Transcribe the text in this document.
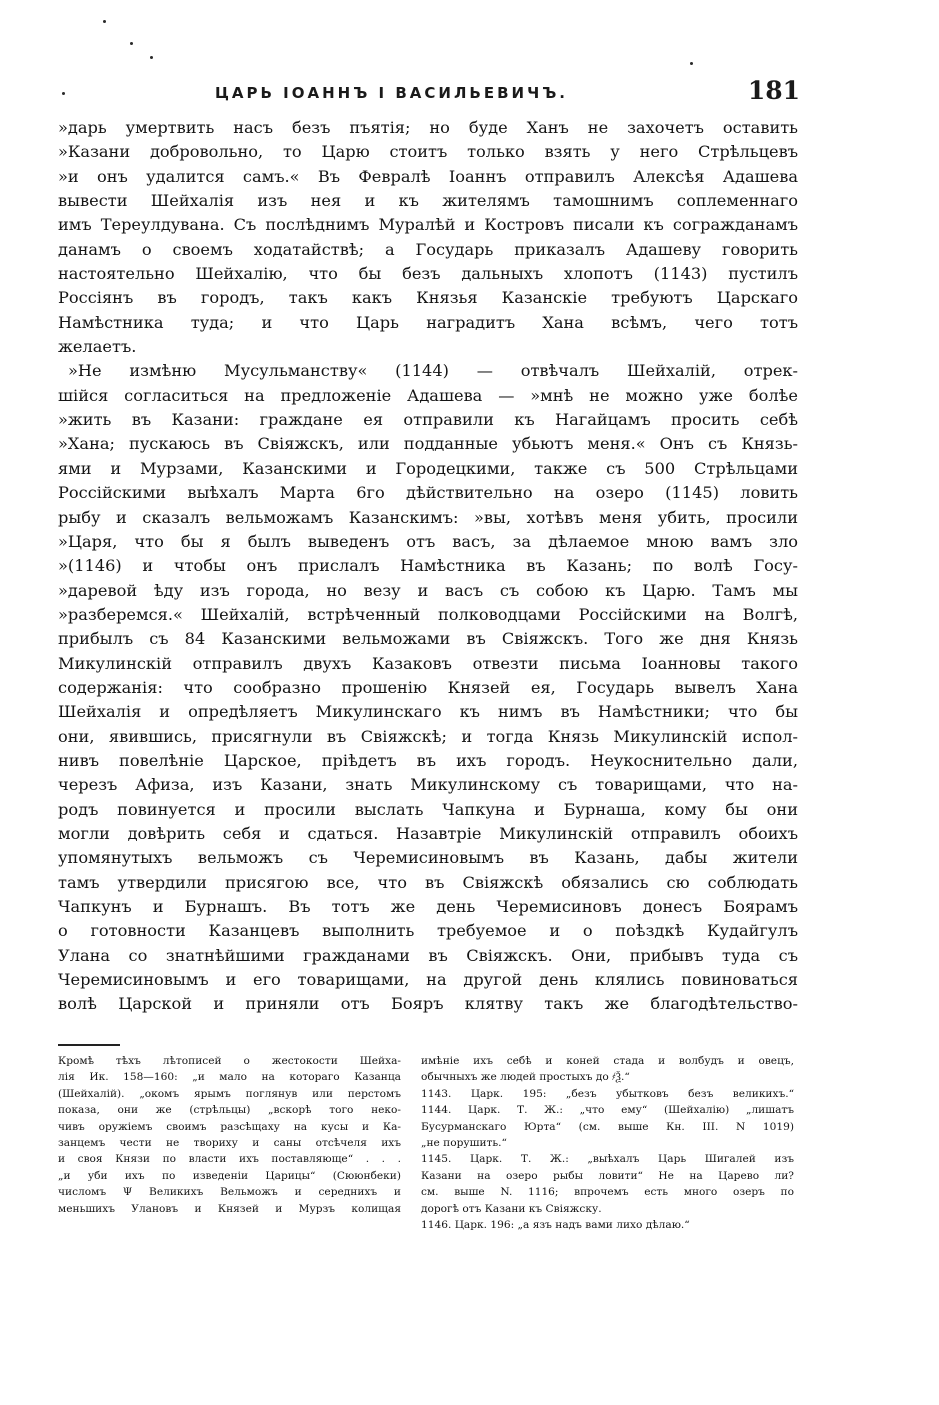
ЦАРЬ ІОАННЪ І ВАСИЛЬЕВИЧЪ.	181
»дарь умертвить насъ безъ пъятія; но буде Ханъ не захочетъ оставить
»Казани добровольно, то Царю стоитъ только взять у него Стрѣльцевъ
»и онъ удалится самъ.« Въ Февралѣ Іоаннъ отправилъ Алексѣя Адашева
вывести Шейхалія изъ нея и къ жителямъ тамошнимъ соплеменнаго
имъ Тереулдувана. Съ послѣднимъ Муралѣй и Костровъ писали къ согражданамъ
данамъ о своемъ ходатайствѣ; а Государь приказалъ Адашеву говорить
настоятельно Шейхалію, что бы безъ дальныхъ хлопотъ (1143) пустилъ
Россіянъ въ городъ, такъ какъ Князья Казанскіе требуютъ Царскаго
Намѣстника туда; и что Царь наградитъ Хана всѣмъ, чего тотъ
желаетъ.
»Не измѣню Мусульманству« (1144) — отвѣчалъ Шейхалій, отрек-
шійся согласиться на предложеніе Адашева — »мнѣ не можно уже болѣе
»жить въ Казани: граждане ея отправили къ Нагайцамъ просить себѣ
»Хана; пускаюсь въ Свіяжскъ, или подданные убьютъ меня.« Онъ съ Князь-
ями и Мурзами, Казанскими и Городецкими, также съ 500 Стрѣльцами
Россійскими выѣхалъ Марта 6го дѣйствительно на озеро (1145) ловить
рыбу и сказалъ вельможамъ Казанскимъ: »вы, хотѣвъ меня убить, просили
»Царя, что бы я былъ выведенъ отъ васъ, за дѣлаемое мною вамъ зло
»(1146) и чтобы онъ прислалъ Намѣстника въ Казань; по волѣ Госу-
»даревой ѣду изъ города, но везу и васъ съ собою къ Царю. Тамъ мы
»разберемся.« Шейхалій, встрѣченный полководцами Россійскими на Волгѣ,
прибылъ съ 84 Казанскими вельможами въ Свіяжскъ. Того же дня Князь
Микулинскій отправилъ двухъ Казаковъ отвезти письма Іоанновы такого
содержанія: что сообразно прошенію Князей ея, Государь вывелъ Хана
Шейхалія и опредѣляетъ Микулинскаго къ нимъ въ Намѣстники; что бы
они, явившись, присягнули въ Свіяжскѣ; и тогда Князь Микулинскій испол-
нивъ повелѣніе Царское, пріѣдетъ въ ихъ городъ. Неукоснительно дали,
черезъ Афиза, изъ Казани, знать Микулинскому съ товарищами, что на-
родъ повинуется и просили выслать Чапкуна и Бурнаша, кому бы они
могли довѣрить себя и сдаться. Назавтріе Микулинскій отправилъ обоихъ
упомянутыхъ вельможъ съ Черемисиновымъ въ Казань, дабы жители
тамъ утвердили присягою все, что въ Свіяжскѣ обязались сю соблюдать
Чапкунъ и Бурнашъ. Въ тотъ же день Черемисиновъ донесъ Боярамъ
о готовности Казанцевъ выполнить требуемое и о поѣздкѣ Кудайгулъ
Улана со знатнѣйшими гражданами въ Свіяжскъ. Они, прибывъ туда съ
Черемисиновымъ и его товарищами, на другой день клялись повиноваться
волѣ Царской и приняли отъ Бояръ клятву такъ же благодѣтельство-
Кромѣ тѣхъ лѣтописей о жестокости Шейха-
лія Ик. 158—160: „и мало на котораго Казанца
(Шейхалій). „окомъ ярымъ поглянув или перстомъ
показа, они же (стрѣльцы) „вскорѣ того неко-
чивъ оружіемъ своимъ разсѣщаху на кусы и Ка-
занцемъ чести не твориху и саны отсѣчеля ихъ
и своя Князи по власти ихъ поставляюще“ . . .
„и уби ихъ по изведеніи Царицы“ (Сююнбеки)
числомъ Ψ Великихъ Вельможъ и середнихъ и
меньшихъ Улановъ и Князей и Мурзъ колищая
имѣніе ихъ себѣ и коней стада и волбудъ и овецъ,
обычныхъ же людей простыхъ до ҂Ѯ.“
1143. Царк. 195: „безъ убытковъ безъ великихъ.“
1144. Царк. Т. Ж.: „что ему“ (Шейхалію) „лишатъ
Бусурманскаго Юрта“ (см. выше Кн. III. N 1019)
„не порушить.“
1145. Царк. Т. Ж.: „выѣхалъ Царь Шигалей изъ
Казани на озеро рыбы ловити“ Не на Царево ли?
см. выше N. 1116; впрочемъ есть много озеръ по
дорогѣ отъ Казани къ Свіяжску.
1146. Царк. 196: „а язъ надъ вами лихо дѣлаю.“
